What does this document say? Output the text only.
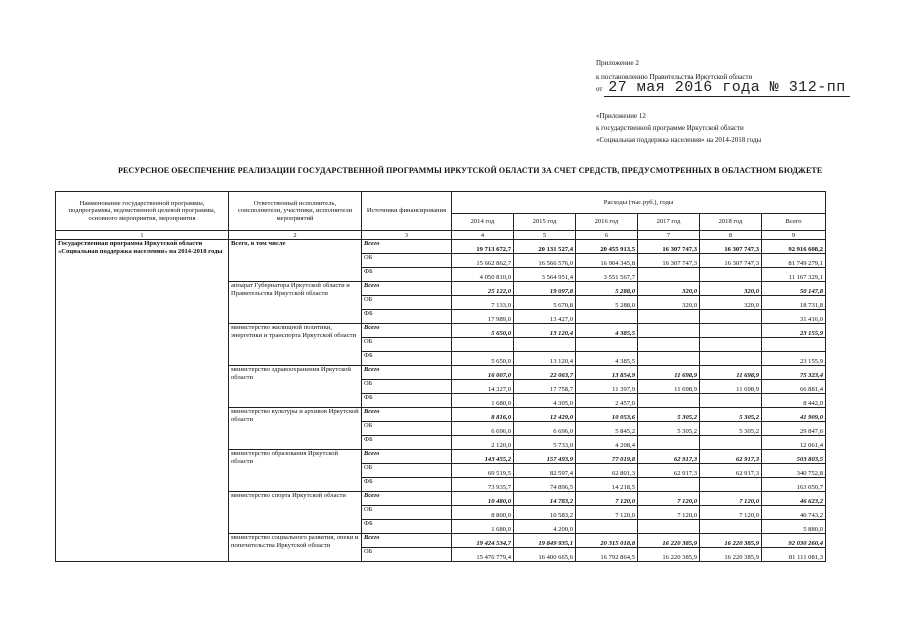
Приложение 2
к постановлению Правительства Иркутской области
от 27 мая 2016 года № 312-пп
«Приложение 12
к государственной программе Иркутской области
«Социальная поддержка населения» на 2014-2018 годы
РЕСУРСНОЕ ОБЕСПЕЧЕНИЕ РЕАЛИЗАЦИИ ГОСУДАРСТВЕННОЙ ПРОГРАММЫ ИРКУТСКОЙ ОБЛАСТИ ЗА СЧЕТ СРЕДСТВ, ПРЕДУСМОТРЕННЫХ В ОБЛАСТНОМ БЮДЖЕТЕ
Наименование государственной программы, подпрограммы, ведомственной целевой программы, основного мероприятия, мероприятия	Ответственный исполнитель, соисполнители, участники, исполнители мероприятий	Источники финансирования	Расходы (тыс.руб.), годы					
			2014 год	2015 год	2016 год	2017 год	2018 год	Всего
1	2	3	4	5	6	7	8	9
Государственная программа Иркутской области «Социальная поддержка населения» на 2014-2018 годы	Всего, в том числе	Всего	19 713 672,7	20 131 527,4	20 455 913,5	16 307 747,3	16 307 747,3	92 916 608,2
		ОБ	15 662 862,7	16 566 576,0	16 904 345,8	16 307 747,3	16 307 747,3	81 749 279,1
		ФБ	4 050 810,0	3 564 951,4	3 551 567,7			11 167 329,1
	аппарат Губернатора Иркутской области и Правительства Иркутской области	Всего	25 122,0	19 097,8	5 288,0	320,0	320,0	50 147,8
		ОБ	7 133,0	5 670,8	5 288,0	320,0	320,0	18 731,8
		ФБ	17 989,0	13 427,0				31 416,0
	министерство жилищной политики, энергетики и транспорта Иркутской области	Всего	5 650,0	13 120,4	4 385,5			23 155,9
		ОБ						
		ФБ	5 650,0	13 120,4	4 385,5			23 155,9
	министерство здравоохранения Иркутской области	Всего	16 007,0	22 063,7	13 854,9	11 698,9	11 698,9	75 323,4
		ОБ	14 327,0	17 758,7	11 397,9	11 698,9	11 698,9	66 881,4
		ФБ	1 680,0	4 305,0	2 457,0			8 442,0
	министерство культуры и архивов Иркутской области	Всего	8 816,0	12 429,0	10 053,6	5 305,2	5 305,2	41 909,0
		ОБ	6 696,0	6 696,0	5 845,2	5 305,2	5 305,2	29 847,6
		ФБ	2 120,0	5 733,0	4 208,4			12 061,4
	министерство образования Иркутской области	Всего	143 455,2	157 493,9	77 019,8	62 917,3	62 917,3	503 803,5
		ОБ	69 519,5	82 597,4	62 801,3	62 917,3	62 917,3	340 752,8
		ФБ	73 935,7	74 896,5	14 218,5			163 050,7
	министерство спорта Иркутской области	Всего	10 480,0	14 783,2	7 120,0	7 120,0	7 120,0	46 623,2
		ОБ	8 800,0	10 583,2	7 120,0	7 120,0	7 120,0	40 743,2
		ФБ	1 680,0	4 200,0				5 880,0
	министерство социального развития, опеки и попечительства Иркутской области	Всего	19 424 534,7	19 849 935,1	20 315 018,8	16 220 385,9	16 220 385,9	92 030 260,4
		ОБ	15 476 779,4	16 400 665,6	16 792 864,5	16 220 385,9	16 220 385,9	81 111 081,3
